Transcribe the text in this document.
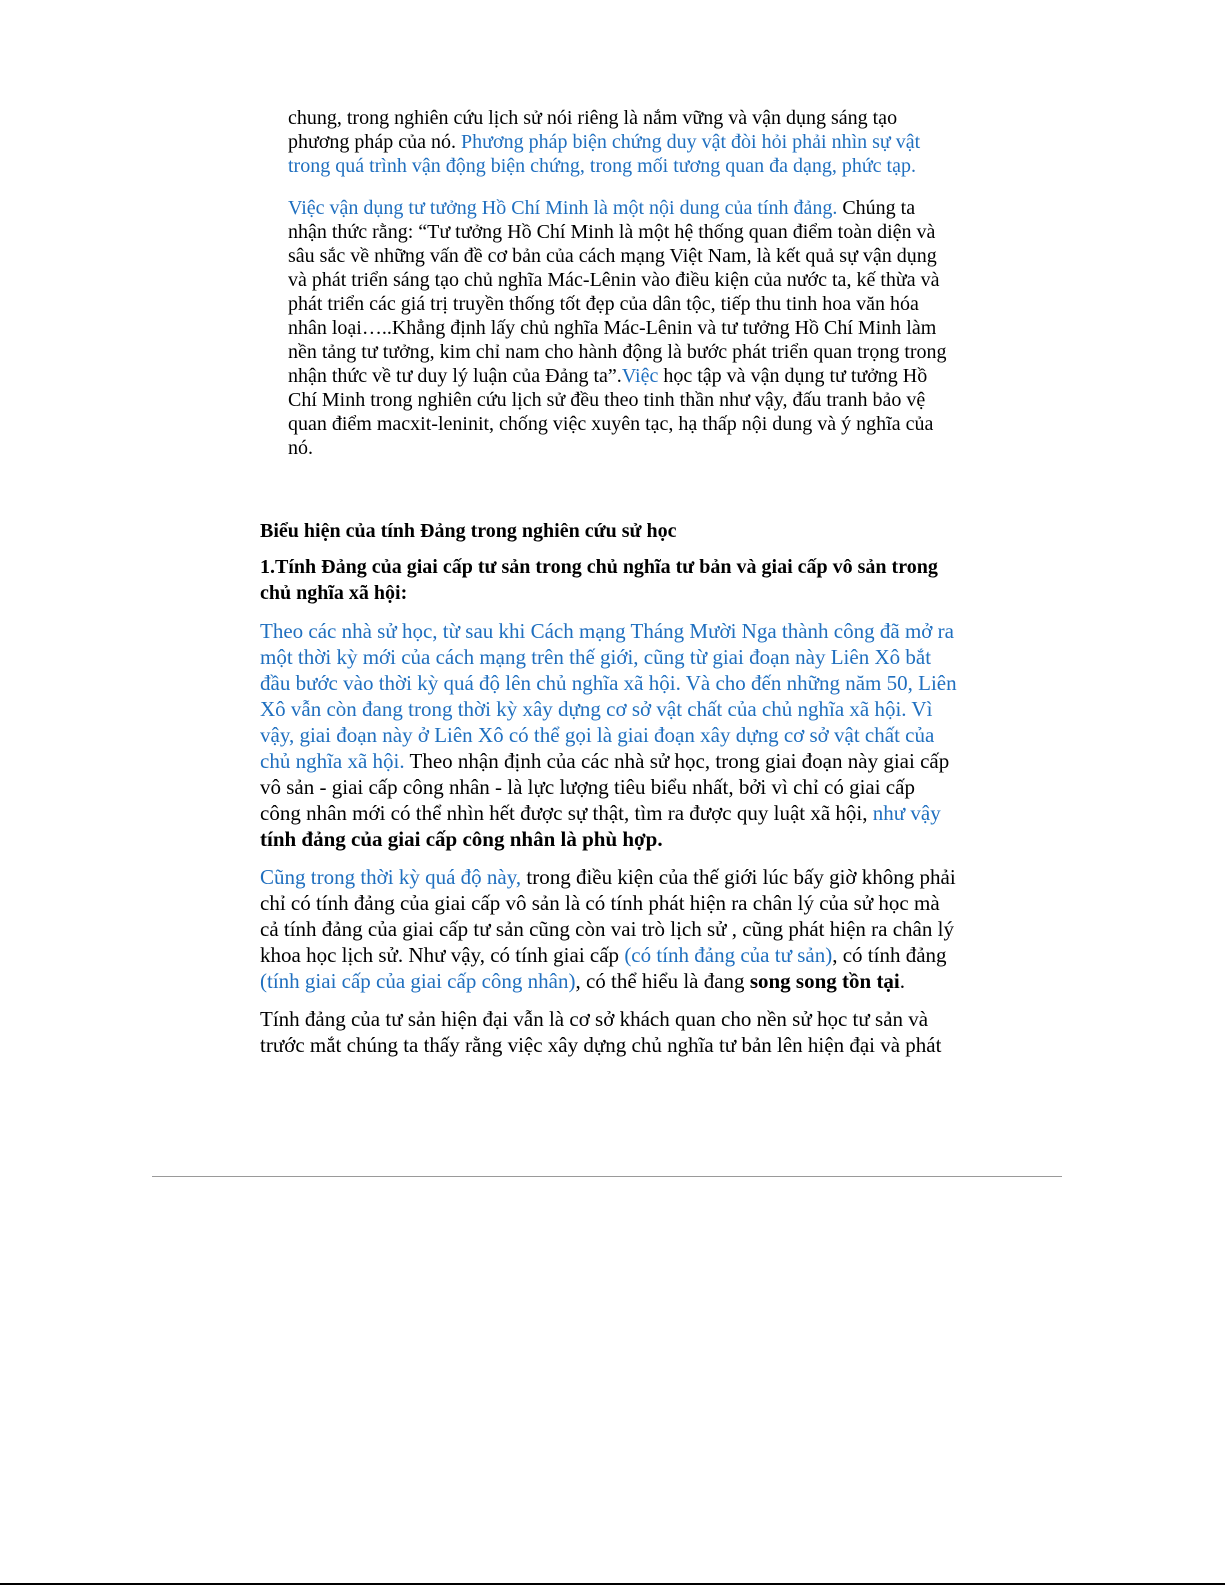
chung, trong nghiên cứu lịch sử nói riêng là nắm vững và vận dụng sáng tạo phương pháp của nó. Phương pháp biện chứng duy vật đòi hỏi phải nhìn sự vật trong quá trình vận động biện chứng, trong mối tương quan đa dạng, phức tạp.

Việc vận dụng tư tưởng Hồ Chí Minh là một nội dung của tính đảng. Chúng ta nhận thức rằng: “Tư tưởng Hồ Chí Minh là một hệ thống quan điểm toàn diện và sâu sắc về những vấn đề cơ bản của cách mạng Việt Nam, là kết quả sự vận dụng và phát triển sáng tạo chủ nghĩa Mác-Lênin vào điều kiện của nước ta, kế thừa và phát triển các giá trị truyền thống tốt đẹp của dân tộc, tiếp thu tinh hoa văn hóa nhân loại…..Khẳng định lấy chủ nghĩa Mác-Lênin và tư tưởng Hồ Chí Minh làm nền tảng tư tưởng, kim chỉ nam cho hành động là bước phát triển quan trọng trong nhận thức về tư duy lý luận của Đảng ta”.Việc học tập và vận dụng tư tưởng Hồ Chí Minh trong nghiên cứu lịch sử đều theo tinh thần như vậy, đấu tranh bảo vệ quan điểm macxit-leninit, chống việc xuyên tạc, hạ thấp nội dung và ý nghĩa của nó.

Biểu hiện của tính Đảng trong nghiên cứu sử học
1.Tính Đảng của giai cấp tư sản trong chủ nghĩa tư bản và giai cấp vô sản trong chủ nghĩa xã hội:

Theo các nhà sử học, từ sau khi Cách mạng Tháng Mười Nga thành công đã mở ra một thời kỳ mới của cách mạng trên thế giới, cũng từ giai đoạn này Liên Xô bắt đầu bước vào thời kỳ quá độ lên chủ nghĩa xã hội. Và cho đến những năm 50, Liên Xô vẫn còn đang trong thời kỳ xây dựng cơ sở vật chất của chủ nghĩa xã hội. Vì vậy, giai đoạn này ở Liên Xô có thể gọi là giai đoạn xây dựng cơ sở vật chất của chủ nghĩa xã hội. Theo nhận định của các nhà sử học, trong giai đoạn này giai cấp vô sản - giai cấp công nhân - là lực lượng tiêu biểu nhất, bởi vì chỉ có giai cấp công nhân mới có thể nhìn hết được sự thật, tìm ra được quy luật xã hội, như vậy tính đảng của giai cấp công nhân là phù hợp.

Cũng trong thời kỳ quá độ này, trong điều kiện của thế giới lúc bấy giờ không phải chỉ có tính đảng của giai cấp vô sản là có tính phát hiện ra chân lý của sử học mà cả tính đảng của giai cấp tư sản cũng còn vai trò lịch sử , cũng phát hiện ra chân lý khoa học lịch sử. Như vậy, có tính giai cấp (có tính đảng của tư sản), có tính đảng (tính giai cấp của giai cấp công nhân), có thể hiểu là đang song song tồn tại.

Tính đảng của tư sản hiện đại vẫn là cơ sở khách quan cho nền sử học tư sản và trước mắt chúng ta thấy rằng việc xây dựng chủ nghĩa tư bản lên hiện đại và phát
